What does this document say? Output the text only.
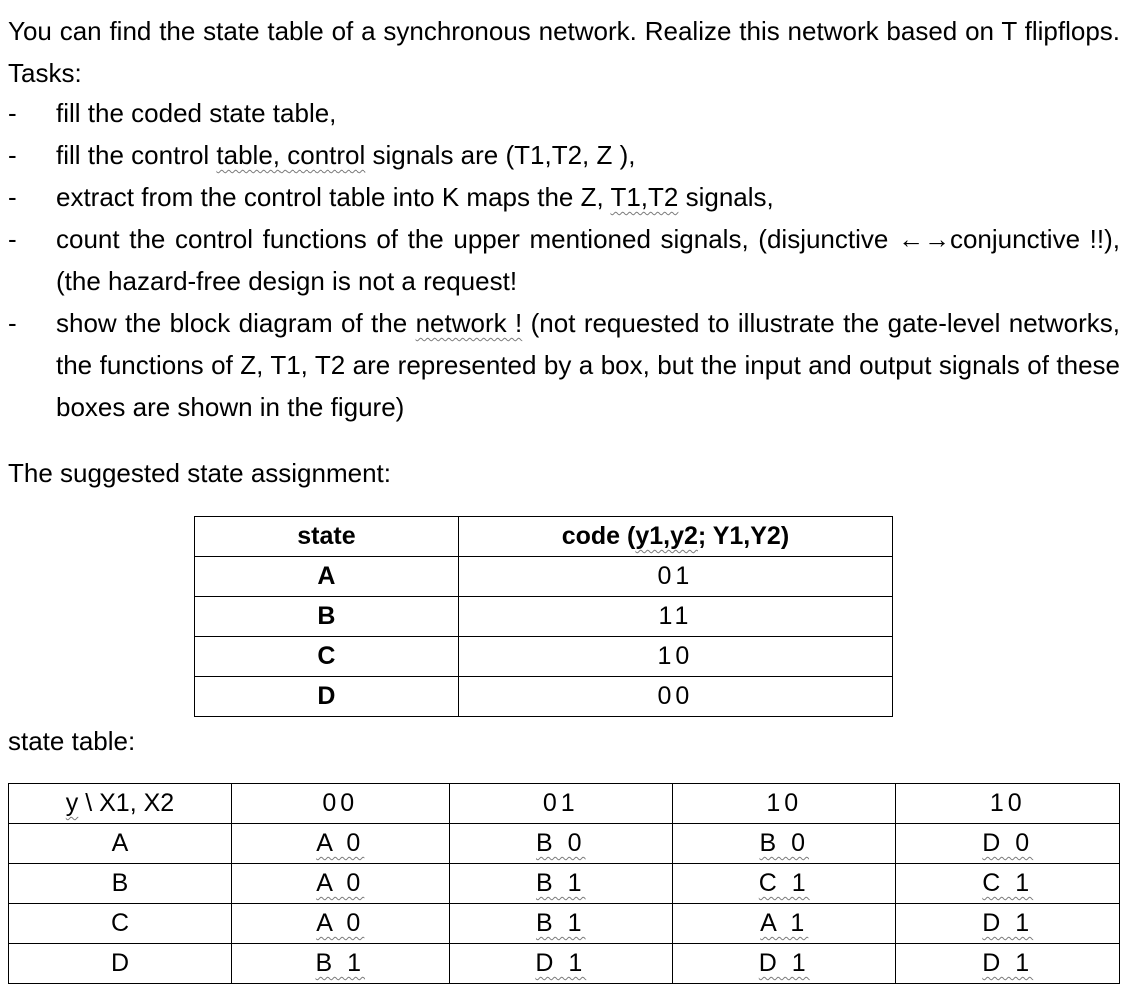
You can find the state table of a synchronous network. Realize this network based on T flipflops. Tasks:

- fill the coded state table,
- fill the control table, control signals are (T1,T2, Z ),
- extract from the control table into K maps the Z, T1,T2 signals,
- count the control functions of the upper mentioned signals, (disjunctive ←→conjunctive !!), (the hazard-free design is not a request!
- show the block diagram of the network ! (not requested to illustrate the gate-level networks, the functions of Z, T1, T2 are represented by a box, but the input and output signals of these boxes are shown in the figure)

The suggested state assignment:

state	code (y1,y2; Y1,Y2)
A	01
B	11
C	10
D	00

state table:

y \ X1, X2	00	01	10	10
A	A 0	B 0	B 0	D 0
B	A 0	B 1	C 1	C 1
C	A 0	B 1	A 1	D 1
D	B 1	D 1	D 1	D 1
